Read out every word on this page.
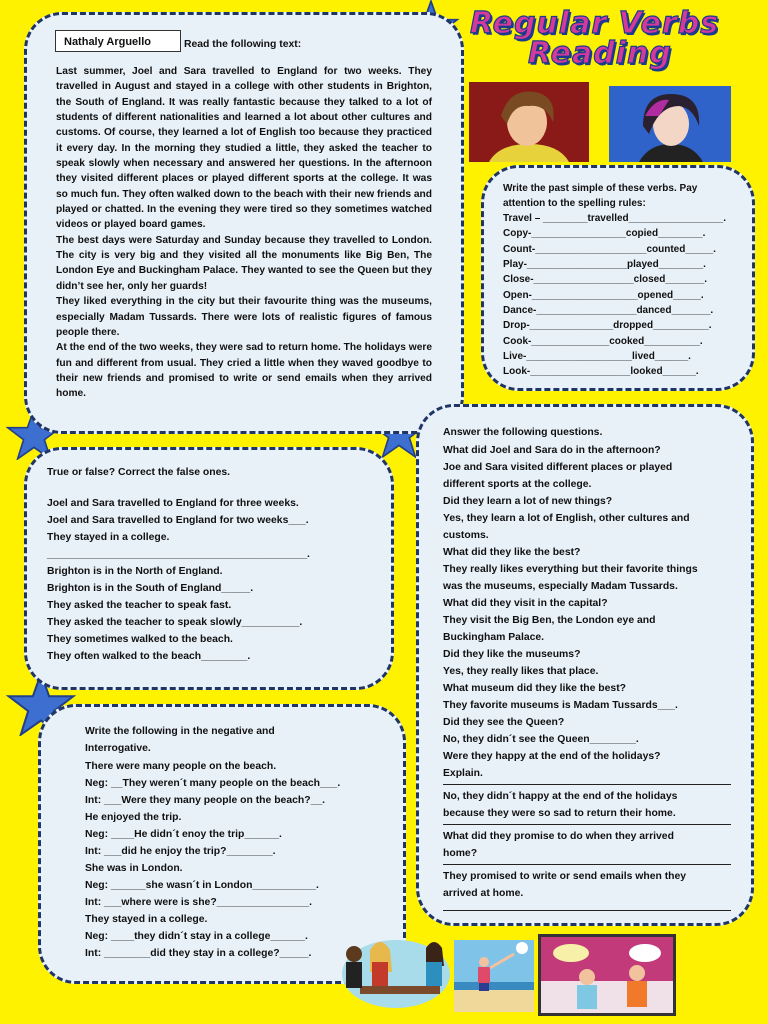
Regular Verbs
Reading
Nathaly Arguello	Read the following text:

Last summer, Joel and Sara travelled to England for two weeks. They travelled in August and stayed in a college with other students in Brighton, the South of England. It was really fantastic because they talked to a lot of students of different nationalities and learned a lot about other cultures and customs. Of course, they learned a lot of English too because they practiced it every day. In the morning they studied a little, they asked the teacher to speak slowly when necessary and answered her questions. In the afternoon they visited different places or played different sports at the college. It was so much fun. They often walked down to the beach with their new friends and played or chatted. In the evening they were tired so they sometimes watched videos or played board games.

The best days were Saturday and Sunday because they travelled to London. The city is very big and they visited all the monuments like Big Ben, The London Eye and Buckingham Palace. They wanted to see the Queen but they didn’t see her, only her guards!

They liked everything in the city but their favourite thing was the museums, especially Madam Tussards. There were lots of realistic figures of famous people there.

At the end of the two weeks, they were sad to return home. The holidays were fun and different from usual. They cried a little when they waved goodbye to their new friends and promised to write or send emails when they arrived home.

Write the past simple of these verbs. Pay
attention to the spelling rules:
Travel – ________travelled_________________.
Copy-_________________copied________.
Count-____________________counted_____.
Play-__________________played________.
Close-__________________closed_______.
Open-___________________opened_____.
Dance-__________________danced_______.
Drop-_______________dropped__________.
Cook-______________cooked__________.
Live-___________________lived______.
Look-__________________looked______.
True or false? Correct the false ones.
Joel and Sara travelled to England for three weeks.
Joel and Sara travelled to England for two weeks___.
They stayed in a college.
_____________________________________________.
Brighton is in the North of England.
Brighton is in the South of England_____.
They asked the teacher to speak fast.
They asked the teacher to speak slowly__________.
They sometimes walked to the beach.
They often walked to the beach________.
Write the following in the negative and
Interrogative.
There were many people on the beach.
Neg: __They weren´t many people on the beach___.
Int: ___Were they many people on the beach?__.
He enjoyed the trip.
Neg: ____He didn´t enoy the trip______.
Int: ___did he enjoy the trip?________.
She was in London.
Neg: ______she wasn´t in London___________.
Int: ___where were is she?________________.
They stayed in a college.
Neg: ____they didn´t stay in a college______.
Int: ________did they stay in a college?_____.
Answer the following questions.
What did Joel and Sara do in the afternoon?
Joe and Sara visited different places or played
different sports at the college.
Did they learn a lot of new things?
Yes, they learn a lot of English, other cultures and
customs.
What did they like the best?
They really likes everything but their favorite things
was the museums, especially Madam Tussards.
What did they visit in the capital?
They visit the Big Ben, the London eye and
Buckingham Palace.
Did they like the museums?
Yes, they really likes that place.
What museum did they like the best?
They favorite museums is Madam Tussards___.
Did they see the Queen?
No, they didn´t see the Queen________.
Were they happy at the end of the holidays?
Explain.
No, they didn´t happy at the end of the holidays
because they were so sad to return their home.
What did they promise to do when they arrived
home?
They promised to write or send emails when they
arrived at home.
